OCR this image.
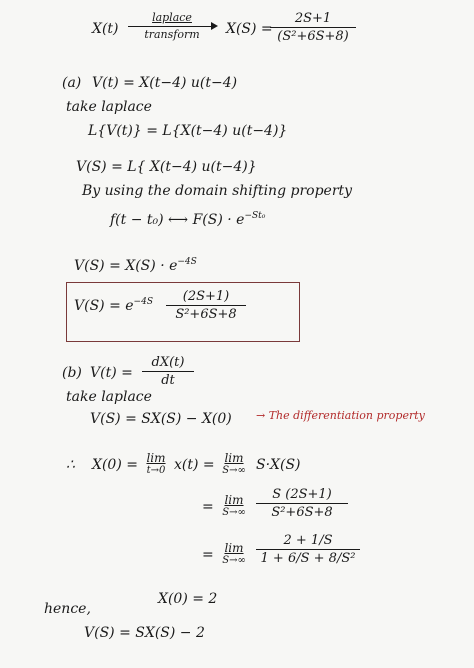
X(t)
laplace
transform	X(S) =
2S+1
(S²+6S+8)
(a) V(t) = X(t−4) u(t−4)
take laplace
L{V(t)} = L{X(t−4) u(t−4)}
V(S) = L{ X(t−4) u(t−4)}
By using the domain shifting property
f(t − t₀) ⟷ $F(S) \cdot e^{-St_0}$
$V(S) = X(S) \cdot e^{-4S}$
$V(S) = e^{-4S}$	(2S+1)
S²+6S+8
(b) V(t) =
dX(t)
dt
take laplace
V(S) = SX(S) − X(0) → The differentiation property
∴ X(0) = lim
t→0 x(t) = lim
S→∞ S·X(S)
= lim
S→∞
S (2S+1)
S²+6S+8
= lim
S→∞
2 + 1/S
1 + 6/S + 8/S²
X(0) = 2
hence,
V(S) = SX(S) − 2
